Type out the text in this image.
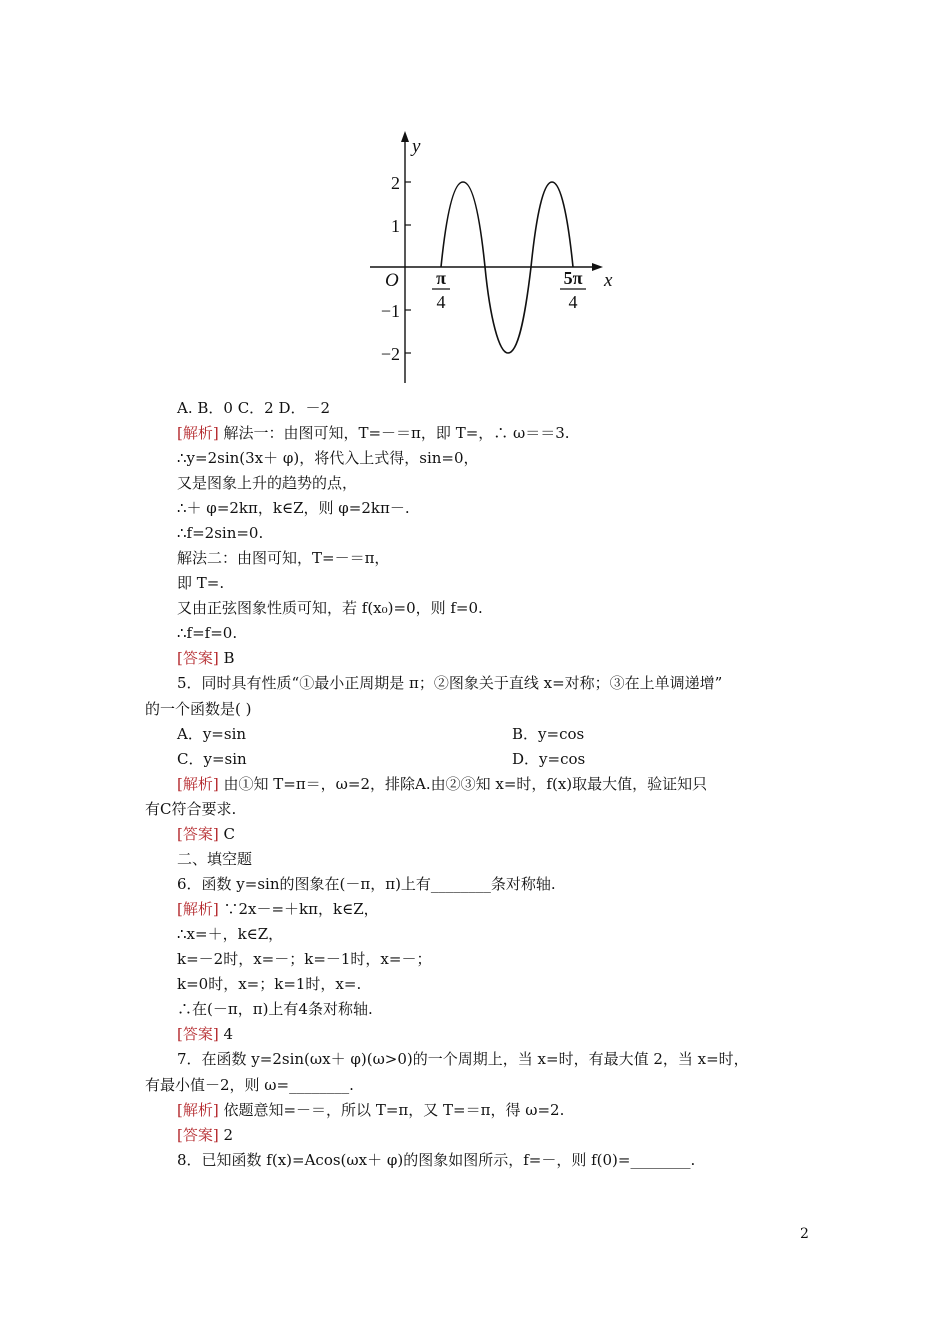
y
x
O
2
1
−1
−2
π
4
5π
4
A. B．0 C．2 D．－2
[解析] 解法一：由图可知，T=－＝π，即 T=，∴ ω＝＝3.
∴y=2sin(3x＋ φ)，将代入上式得，sin=0，
又是图象上升的趋势的点，
∴＋ φ=2kπ，k∈Z，则 φ=2kπ－.
∴f=2sin=0.
解法二：由图可知，T=－＝π，
即 T=.
又由正弦图象性质可知，若 f(x₀)=0，则 f=0.
∴f=f=0.
[答案] B
5．同时具有性质“①最小正周期是 π；②图象关于直线 x=对称；③在上单调递增”
的一个函数是( )
A．y=sin	B．y=cos
C．y=sin	D．y=cos
[解析] 由①知 T=π＝，ω=2，排除A.由②③知 x=时，f(x)取最大值，验证知只
有C符合要求.
[答案] C
二、填空题
6．函数 y=sin的图象在(－π，π)上有________条对称轴.
[解析] ∵2x－=＋kπ，k∈Z，
∴x=＋，k∈Z，
k=－2时，x=－；k=－1时，x=－；
k=0时，x=；k=1时，x=.
∴在(－π，π)上有4条对称轴.
[答案] 4
7．在函数 y=2sin(ωx＋ φ)(ω>0)的一个周期上，当 x=时，有最大值 2，当 x=时，
有最小值－2，则 ω=________.
[解析] 依题意知=－＝，所以 T=π，又 T=＝π，得 ω=2.
[答案] 2
8．已知函数 f(x)=Acos(ωx＋ φ)的图象如图所示，f=－，则 f(0)=________.
2
